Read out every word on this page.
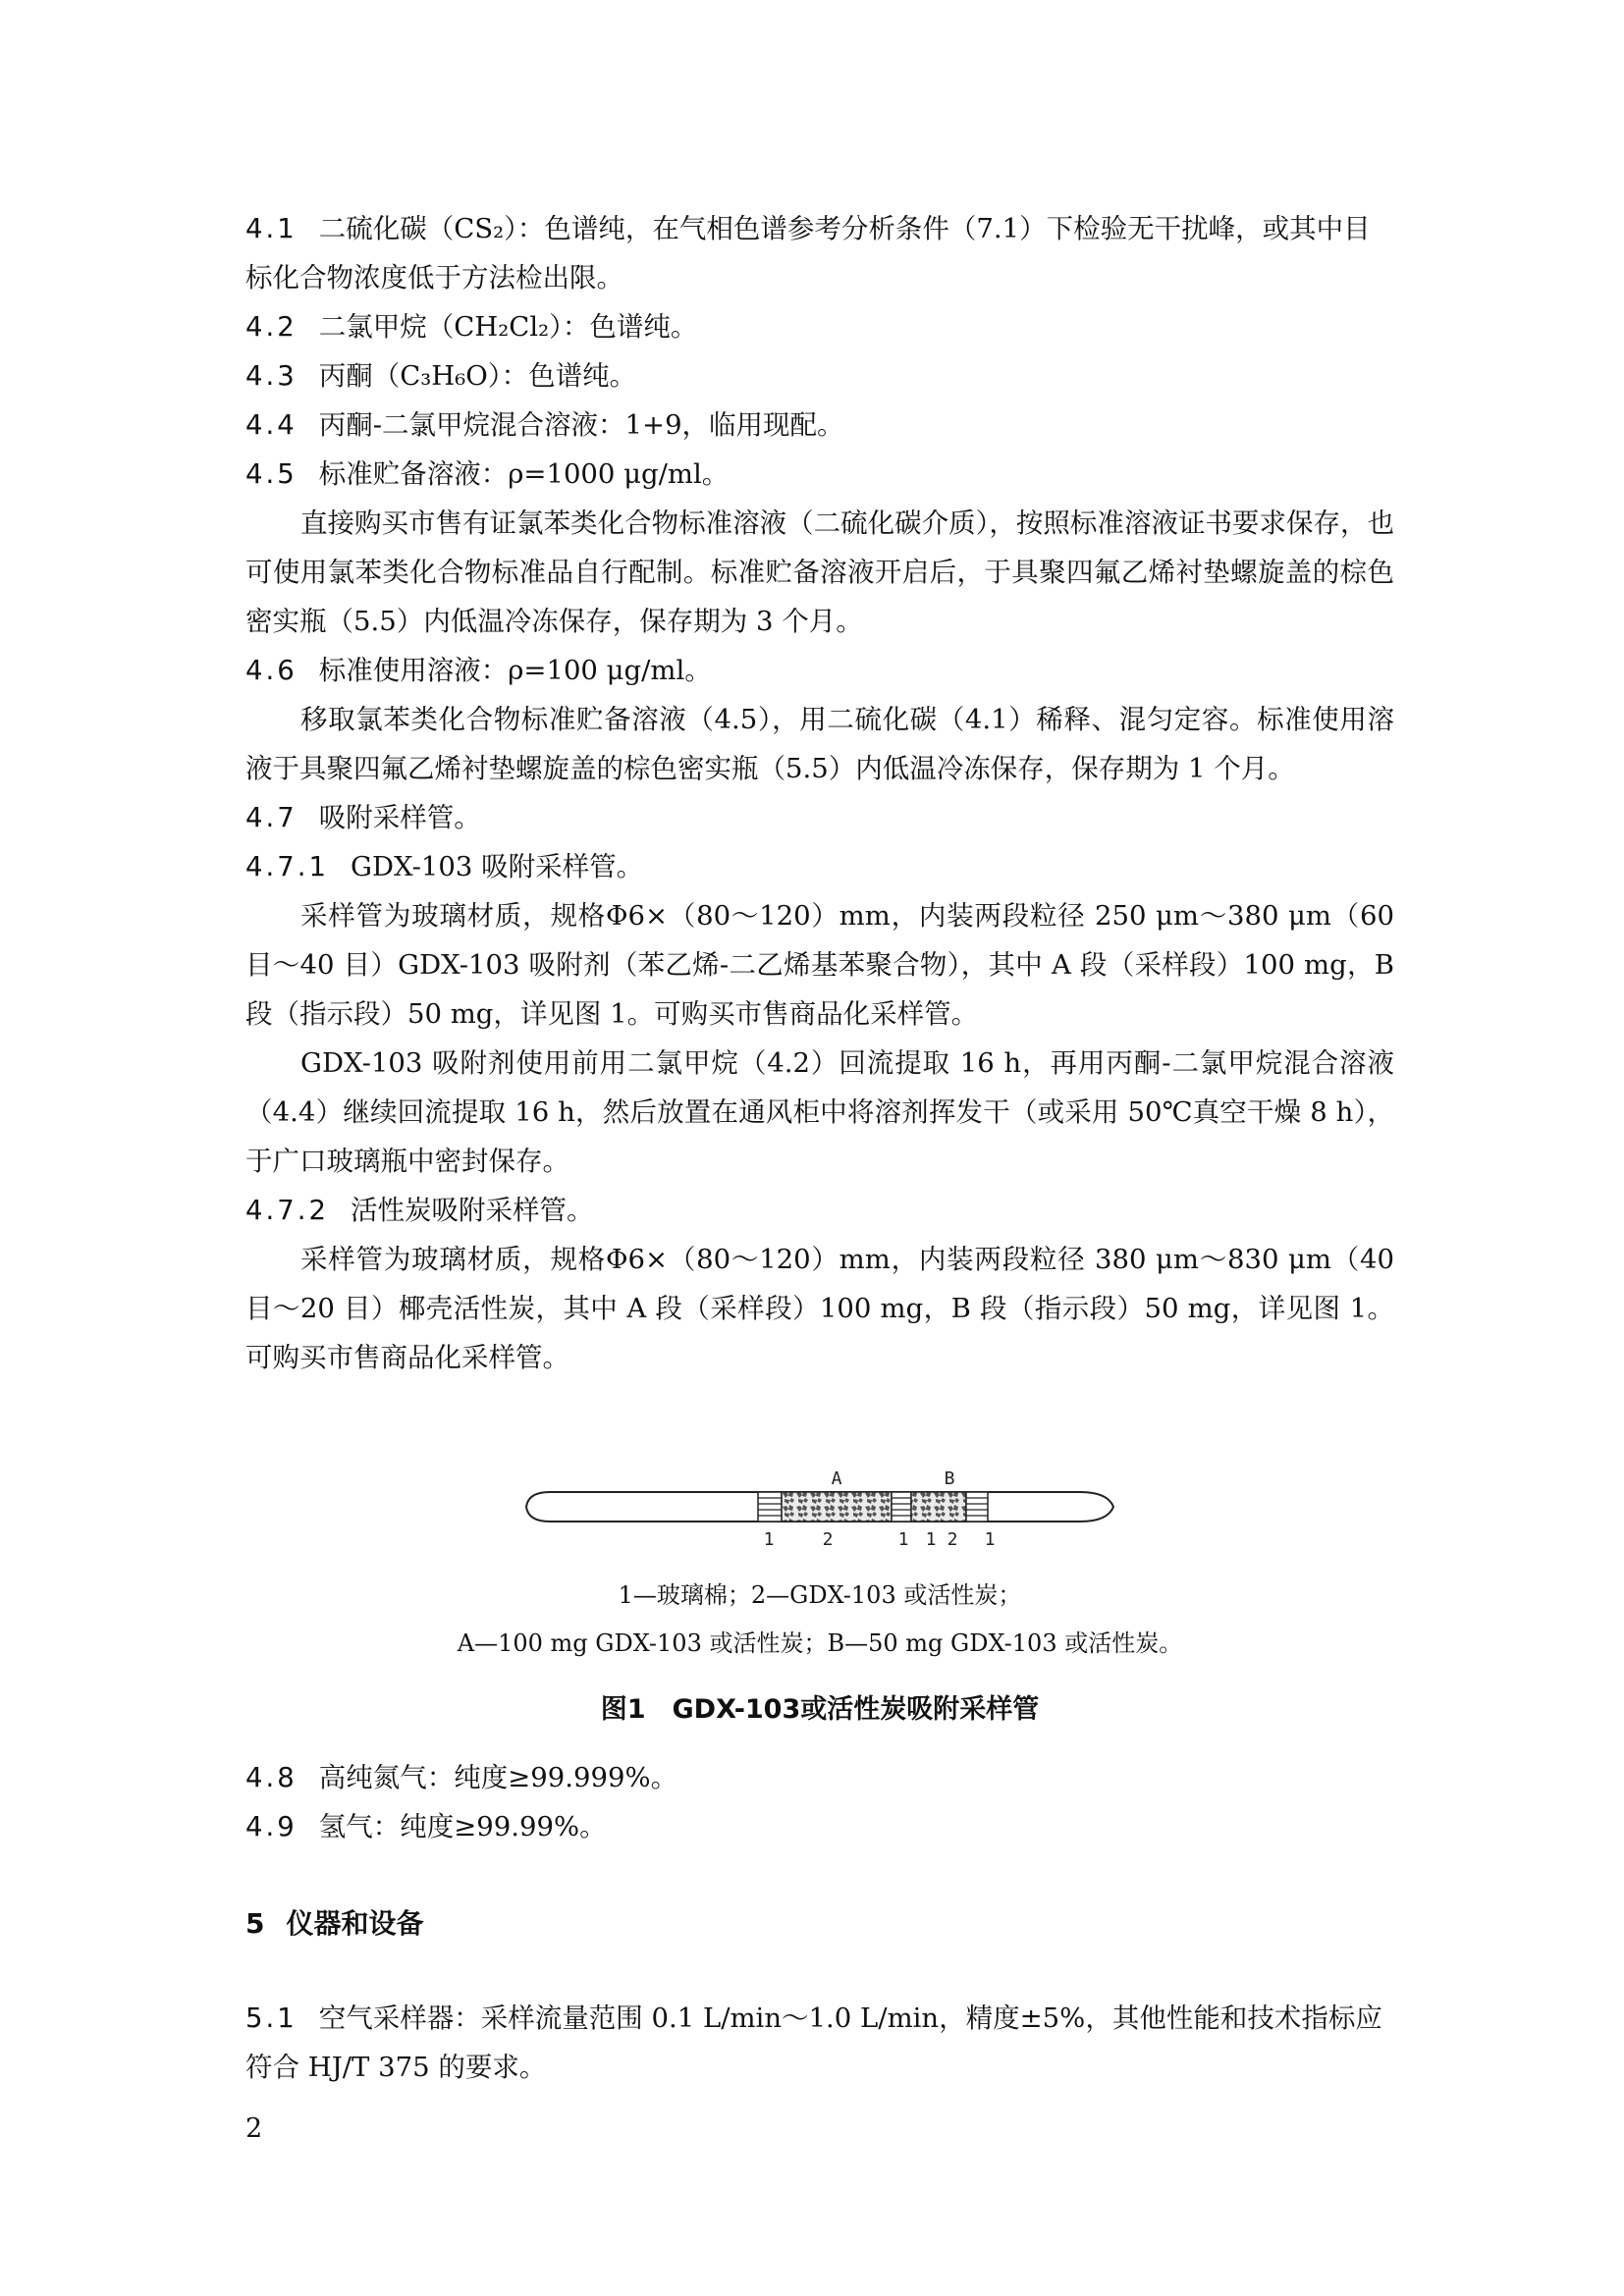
4.1 二硫化碳（CS₂）：色谱纯，在气相色谱参考分析条件（7.1）下检验无干扰峰，或其中目标化合物浓度低于方法检出限。
4.2 二氯甲烷（CH₂Cl₂）：色谱纯。
4.3 丙酮（C₃H₆O）：色谱纯。
4.4 丙酮-二氯甲烷混合溶液：1+9，临用现配。
4.5 标准贮备溶液：ρ=1000 μg/ml。
直接购买市售有证氯苯类化合物标准溶液（二硫化碳介质），按照标准溶液证书要求保存，也可使用氯苯类化合物标准品自行配制。标准贮备溶液开启后，于具聚四氟乙烯衬垫螺旋盖的棕色密实瓶（5.5）内低温冷冻保存，保存期为 3 个月。
4.6 标准使用溶液：ρ=100 μg/ml。
移取氯苯类化合物标准贮备溶液（4.5），用二硫化碳（4.1）稀释、混匀定容。标准使用溶液于具聚四氟乙烯衬垫螺旋盖的棕色密实瓶（5.5）内低温冷冻保存，保存期为 1 个月。
4.7 吸附采样管。
4.7.1 GDX-103 吸附采样管。
采样管为玻璃材质，规格Φ6×（80～120）mm，内装两段粒径 250 μm～380 μm（60目～40 目）GDX-103 吸附剂（苯乙烯-二乙烯基苯聚合物），其中 A 段（采样段）100 mg，B 段（指示段）50 mg，详见图 1。可购买市售商品化采样管。
GDX-103 吸附剂使用前用二氯甲烷（4.2）回流提取 16 h，再用丙酮-二氯甲烷混合溶液（4.4）继续回流提取 16 h，然后放置在通风柜中将溶剂挥发干（或采用 50℃真空干燥 8 h），于广口玻璃瓶中密封保存。
4.7.2 活性炭吸附采样管。
采样管为玻璃材质，规格Φ6×（80～120）mm，内装两段粒径 380 μm～830 μm（40目～20 目）椰壳活性炭，其中 A 段（采样段）100 mg，B 段（指示段）50 mg，详见图 1。可购买市售商品化采样管。
A	B
1	2	1 1 2 1
1—玻璃棉；2—GDX-103 或活性炭；
A—100 mg GDX-103 或活性炭；B—50 mg GDX-103 或活性炭。
图1　GDX-103或活性炭吸附采样管
4.8 高纯氮气：纯度≥99.999%。
4.9 氢气：纯度≥99.99%。
5 仪器和设备
5.1 空气采样器：采样流量范围 0.1 L/min～1.0 L/min，精度±5%，其他性能和技术指标应符合 HJ/T 375 的要求。
2
